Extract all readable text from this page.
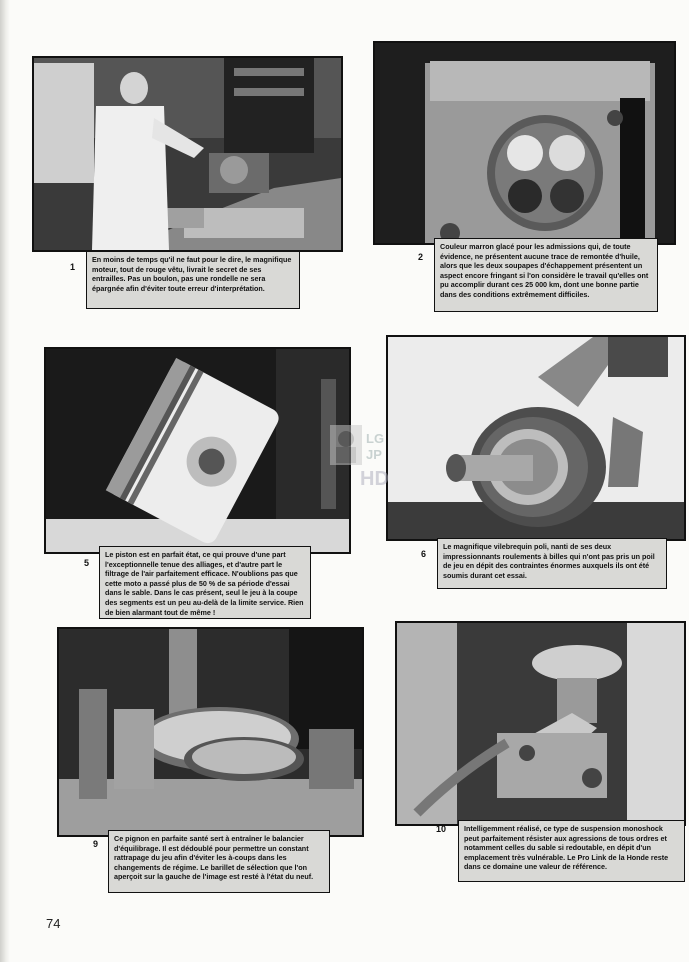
1
En moins de temps qu'il ne faut pour le dire, le magnifique moteur, tout de rouge vêtu, livrait le secret de ses entrailles. Pas un boulon, pas une rondelle ne sera épargnée afin d'éviter toute erreur d'interprétation.
2
Couleur marron glacé pour les admissions qui, de toute évidence, ne présentent aucune trace de remontée d'huile, alors que les deux soupapes d'échappement présentent un aspect encore fringant si l'on considère le travail qu'elles ont pu accomplir durant ces 25 000 km, dont une bonne partie dans des conditions extrêmement difficiles.
5
Le piston est en parfait état, ce qui prouve d'une part l'exceptionnelle tenue des alliages, et d'autre part le filtrage de l'air parfaitement efficace. N'oublions pas que cette moto a passé plus de 50 % de sa période d'essai dans le sable. Dans le cas présent, seul le jeu à la coupe des segments est un peu au-delà de la limite service. Rien de bien alarmant tout de même !
6
Le magnifique vilebrequin poli, nanti de ses deux impressionnants roulements à billes qui n'ont pas pris un poil de jeu en dépit des contraintes énormes auxquels ils ont été soumis durant cet essai.
9
Ce pignon en parfaite santé sert à entraîner le balancier d'équilibrage. Il est dédoublé pour permettre un constant rattrapage du jeu afin d'éviter les à-coups dans les changements de régime. Le barillet de sélection que l'on aperçoit sur la gauche de l'image est resté à l'état du neuf.
10	Intelligemment réalisé, ce type de suspension monoshock peut parfaitement résister aux agressions de tous ordres et notamment celles du sable si redoutable, en dépit d'un emplacement très vulnérable. Le Pro Link de la Honde reste dans ce domaine une valeur de référence.
LG
JP
HD
74
